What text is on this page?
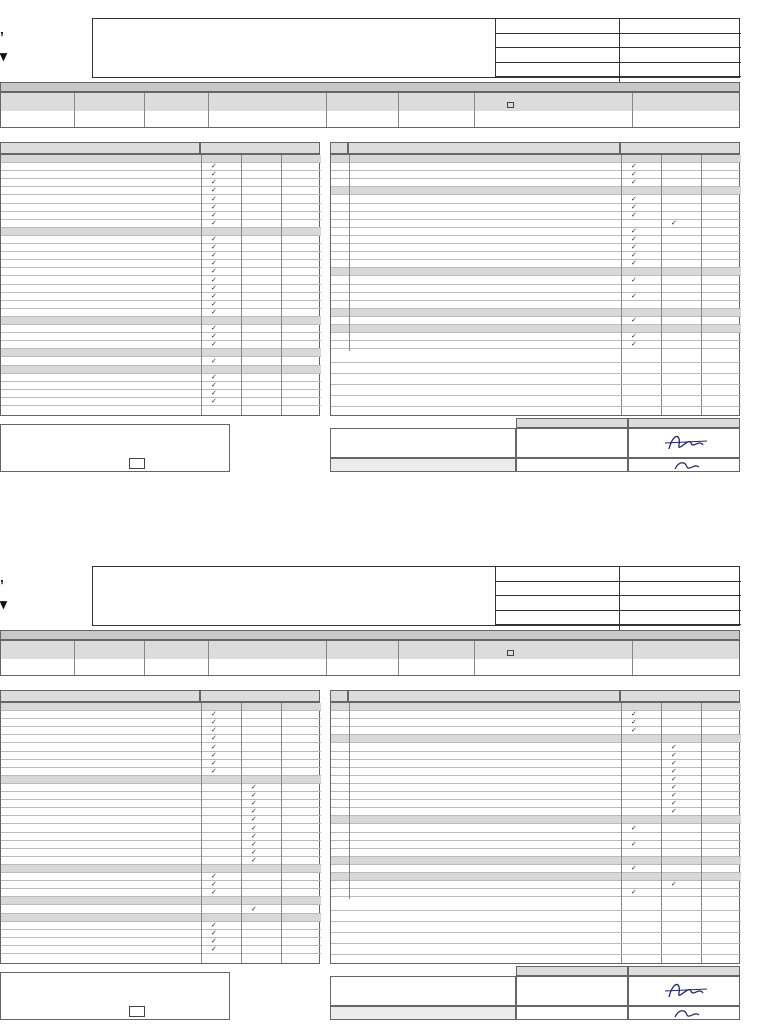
’
▾
✓
✓
✓
✓
✓
✓
✓
✓
✓
✓
✓
✓
✓
✓
✓
✓
✓
✓
✓
✓
✓
✓
✓
✓
✓
✓
✓
✓
✓
✓
✓
✓
✓
✓
✓
✓
✓
✓
✓
✓
✓
✓
✓
’
▾
✓
✓
✓
✓
✓
✓
✓
✓
✓
✓
✓
✓
✓
✓
✓
✓
✓
✓
✓
✓
✓
✓
✓
✓
✓
✓
✓
✓
✓
✓
✓
✓
✓
✓
✓
✓
✓
✓
✓
✓
✓
✓
✓
